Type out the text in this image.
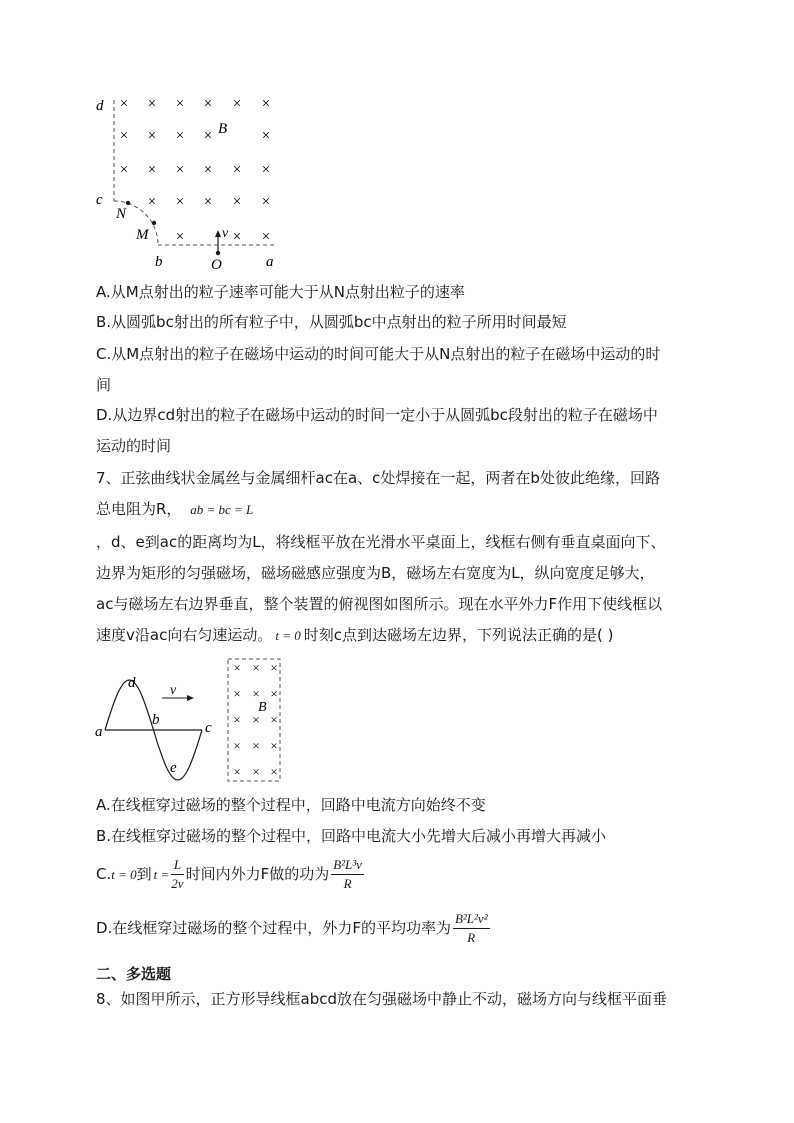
× × × × × ×
× × × ×	×
× × × × × ×
× × × × ×
×	× ×
d
B
c
N
M	v
b	O	a
A.从M点射出的粒子速率可能大于从N点射出粒子的速率
B.从圆弧bc射出的所有粒子中，从圆弧bc中点射出的粒子所用时间最短
C.从M点射出的粒子在磁场中运动的时间可能大于从N点射出的粒子在磁场中运动的时
间
D.从边界cd射出的粒子在磁场中运动的时间一定小于从圆弧bc段射出的粒子在磁场中
运动的时间
7、正弦曲线状金属丝与金属细杆ac在a、c处焊接在一起，两者在b处彼此绝缘，回路
总电阻为R， ab = bc = L
，d、e到ac的距离均为L，将线框平放在光滑水平桌面上，线框右侧有垂直桌面向下、
边界为矩形的匀强磁场，磁场磁感应强度为B，磁场左右宽度为L，纵向宽度足够大，
ac与磁场左右边界垂直，整个装置的俯视图如图所示。现在水平外力F作用下使线框以
速度v沿ac向右匀速运动。 t = 0 时刻c点到达磁场左边界，下列说法正确的是( )
× × ×
× × ×
× × ×
× × ×
× × ×
d v
a
b	c
e
B
A.在线框穿过磁场的整个过程中，回路中电流方向始终不变
B.在线框穿过磁场的整个过程中，回路中电流大小先增大后减小再增大再减小
C.t = 0到 $t = \frac{L}{2v}$ 时间内外力F做的功为 $\frac{\text{B²L³v}}{R}$
D.在线框穿过磁场的整个过程中，外力F的平均功率为 $\frac{\text{B²L²v²}}{R}$
二、多选题
8、如图甲所示，正方形导线框abcd放在匀强磁场中静止不动，磁场方向与线框平面垂
